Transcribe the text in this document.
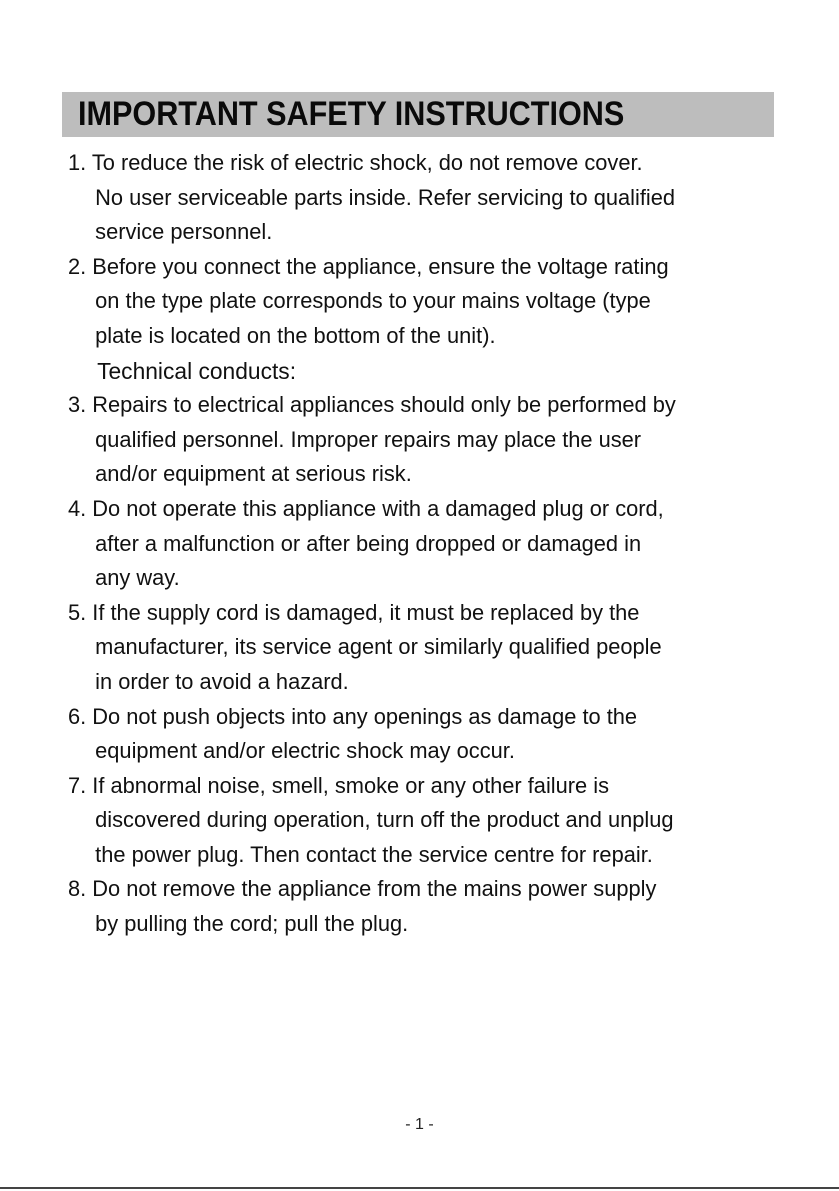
IMPORTANT SAFETY INSTRUCTIONS
1. To reduce the risk of electric shock, do not remove cover.
No user serviceable parts inside. Refer servicing to qualified
service personnel.
2. Before you connect the appliance, ensure the voltage rating
on the type plate corresponds to your mains voltage (type
plate is located on the bottom of the unit).
Technical conducts:
3. Repairs to electrical appliances should only be performed by
qualified personnel. Improper repairs may place the user
and/or equipment at serious risk.
4. Do not operate this appliance with a damaged plug or cord,
after a malfunction or after being dropped or damaged in
any way.
5. If the supply cord is damaged, it must be replaced by the
manufacturer, its service agent or similarly qualified people
in order to avoid a hazard.
6. Do not push objects into any openings as damage to the
equipment and/or electric shock may occur.
7. If abnormal noise, smell, smoke or any other failure is
discovered during operation, turn off the product and unplug
the power plug. Then contact the service centre for repair.
8. Do not remove the appliance from the mains power supply
by pulling the cord; pull the plug.
- 1 -
